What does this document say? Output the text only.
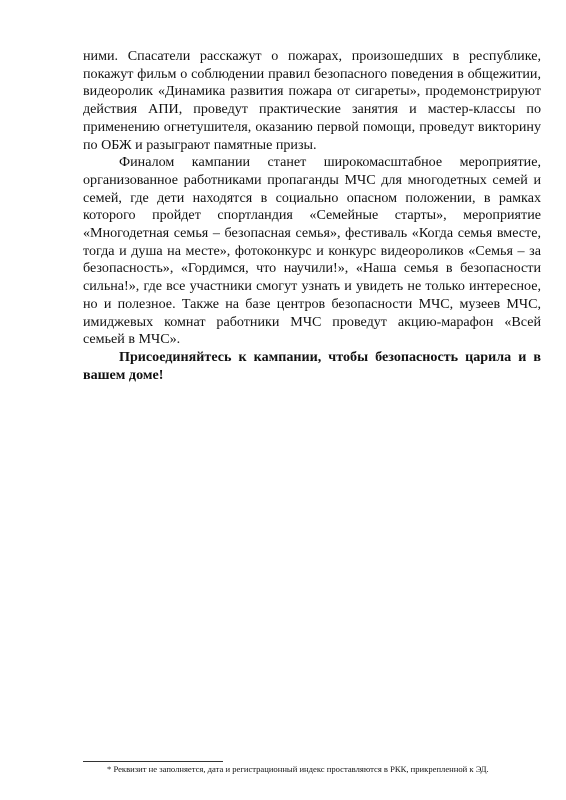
ними. Спасатели расскажут о пожарах, произошедших в республике, покажут фильм о соблюдении правил безопасного поведения в общежитии, видеоролик «Динамика развития пожара от сигареты», продемонстрируют действия АПИ, проведут практические занятия и мастер-классы по применению огнетушителя, оказанию первой помощи, проведут викторину по ОБЖ и разыграют памятные призы.

Финалом кампании станет широкомасштабное мероприятие, организованное работниками пропаганды МЧС для многодетных семей и семей, где дети находятся в социально опасном положении, в рамках которого пройдет спортландия «Семейные старты», мероприятие «Многодетная семья – безопасная семья», фестиваль «Когда семья вместе, тогда и душа на месте», фотоконкурс и конкурс видеороликов «Семья – за безопасность», «Гордимся, что научили!», «Наша семья в безопасности сильна!», где все участники смогут узнать и увидеть не только интересное, но и полезное. Также на базе центров безопасности МЧС, музеев МЧС, имиджевых комнат работники МЧС проведут акцию-марафон «Всей семьей в МЧС».

Присоединяйтесь к кампании, чтобы безопасность царила и в вашем доме!

* Реквизит не заполняется, дата и регистрационный индекс проставляются в РКК, прикрепленной к ЭД.
